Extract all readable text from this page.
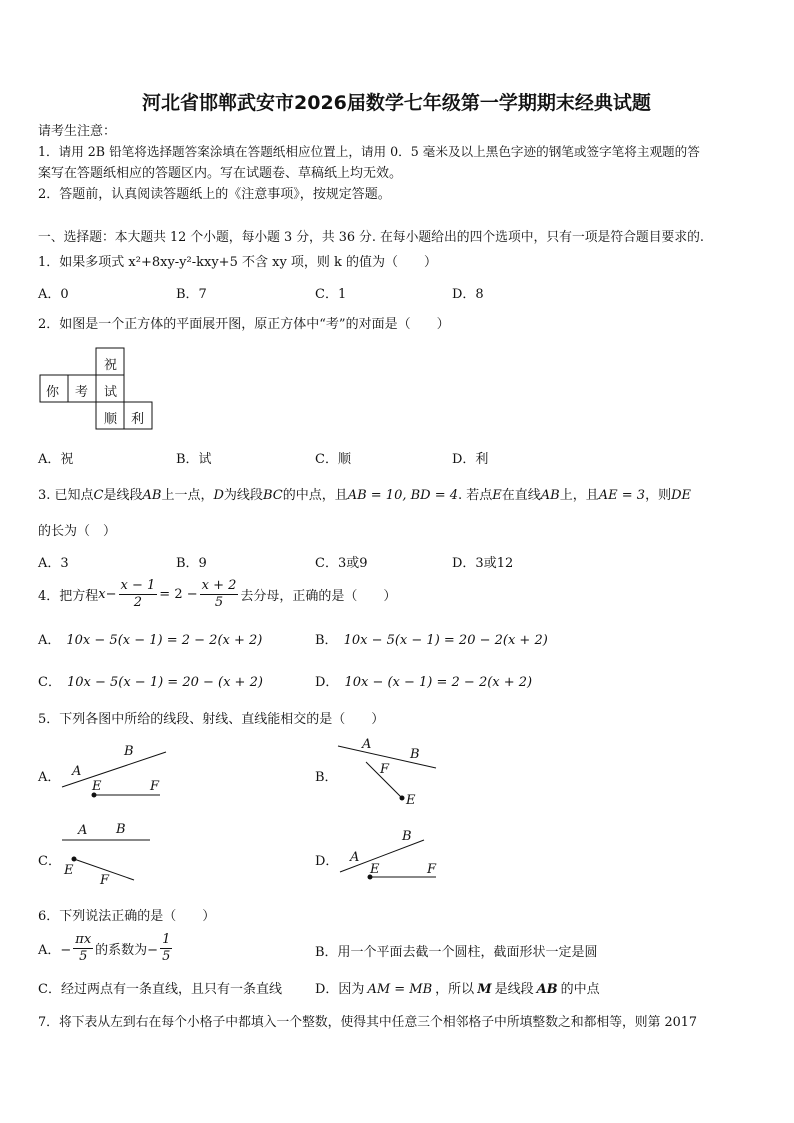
河北省邯郸武安市2026届数学七年级第一学期期末经典试题
请考生注意：
1．请用 2B 铅笔将选择题答案涂填在答题纸相应位置上，请用 0．5 毫米及以上黑色字迹的钢笔或签字笔将主观题的答
案写在答题纸相应的答题区内。写在试题卷、草稿纸上均无效。
2．答题前，认真阅读答题纸上的《注意事项》，按规定答题。
一、选择题：本大题共 12 个小题，每小题 3 分，共 36 分. 在每小题给出的四个选项中，只有一项是符合题目要求的.
1．如果多项式 x²+8xy-y²-kxy+5 不含 xy 项，则 k 的值为（　　）
A．0	B．7	C．1	D．8
2．如图是一个正方体的平面展开图，原正方体中“考”的对面是（　　）
祝
你 考 试
顺 利
A．祝	B．试	C．顺	D．利
3. 已知点C是线段AB上一点，D为线段BC的中点，且AB = 10, BD = 4. 若点E在直线AB上，且AE = 3，则DE
的长为（　）
A．3	B．9	C．3或9	D．3或12
4．把方程$x- \frac{x - 1}{2} = 2 - \frac{x + 2}{5}$ 去分母，正确的是（　　）
A． 10x − 5(x − 1) = 2 − 2(x + 2)	B． 10x − 5(x − 1) = 20 − 2(x + 2)
C． 10x − 5(x − 1) = 20 − (x + 2)	D． 10x − (x − 1) = 2 − 2(x + 2)
5．下列各图中所给的线段、射线、直线能相交的是（　　）
A． A
B
E	F
B．
A
B
F
E
C．
A B
E
F
D． A
B
E	F
6．下列说法正确的是（　　）
A．− $\frac{\pi x}{5}$ 的系数为− $\frac{1}{5}$	B．用一个平面去截一个圆柱，截面形状一定是圆
C．经过两点有一条直线，且只有一条直线	D．因为 AM = MB ，所以 M 是线段 AB 的中点
7．将下表从左到右在每个小格子中都填入一个整数，使得其中任意三个相邻格子中所填整数之和都相等，则第 2017
